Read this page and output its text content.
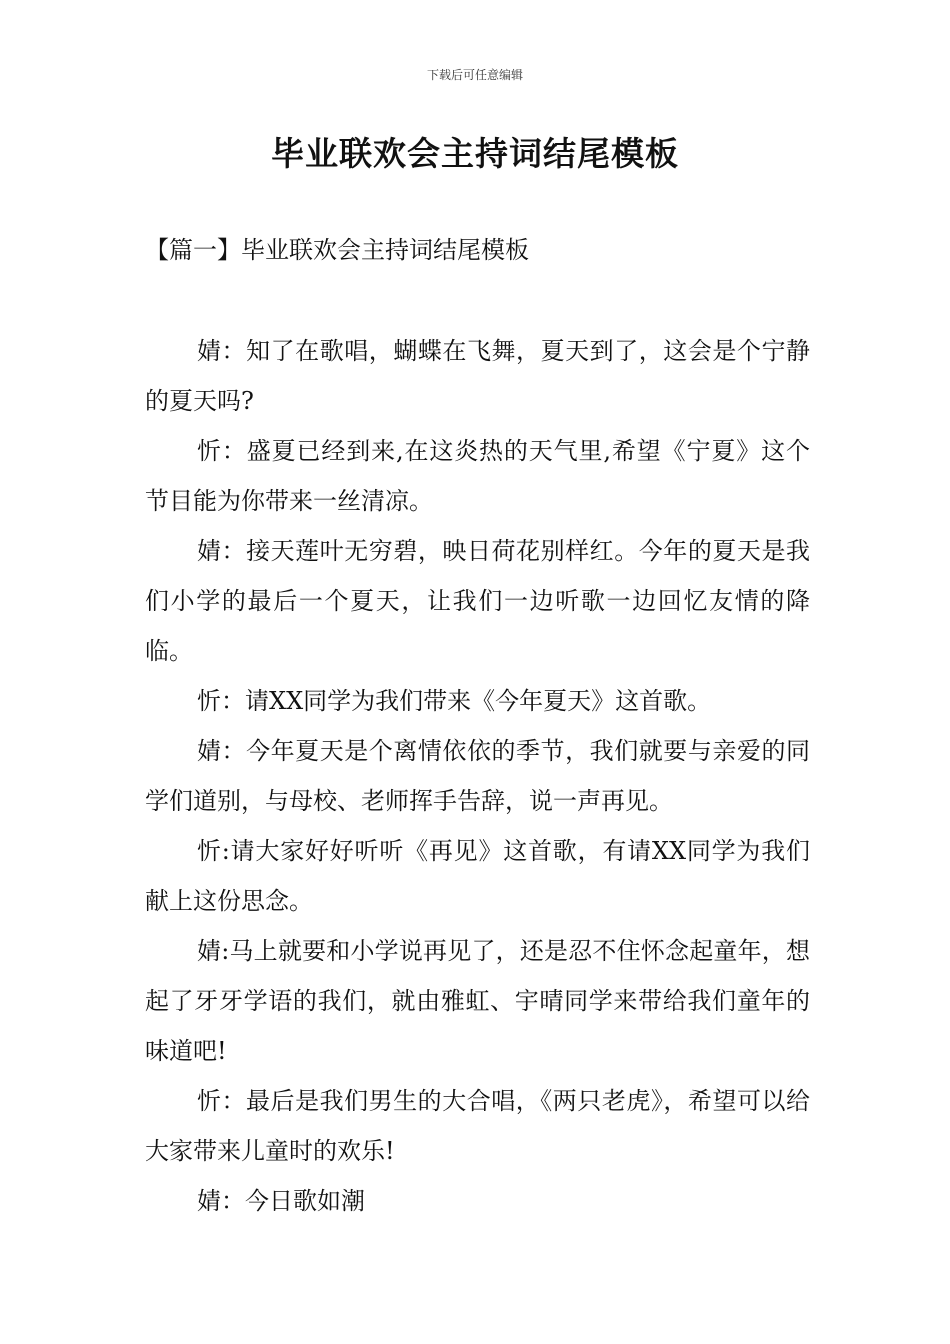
下载后可任意编辑
毕业联欢会主持词结尾模板
【篇一】毕业联欢会主持词结尾模板

婧：知了在歌唱，蝴蝶在飞舞，夏天到了，这会是个宁静的夏天吗?

忻：盛夏已经到来,在这炎热的天气里,希望《宁夏》这个节目能为你带来一丝清凉。

婧：接天莲叶无穷碧，映日荷花别样红。今年的夏天是我们小学的最后一个夏天，让我们一边听歌一边回忆友情的降临。

忻：请XX同学为我们带来《今年夏天》这首歌。

婧：今年夏天是个离情依依的季节，我们就要与亲爱的同学们道别，与母校、老师挥手告辞，说一声再见。

忻:请大家好好听听《再见》这首歌，有请XX同学为我们献上这份思念。

婧:马上就要和小学说再见了，还是忍不住怀念起童年，想起了牙牙学语的我们，就由雅虹、宇晴同学来带给我们童年的味道吧!

忻：最后是我们男生的大合唱，《两只老虎》，希望可以给大家带来儿童时的欢乐!

婧：今日歌如潮
